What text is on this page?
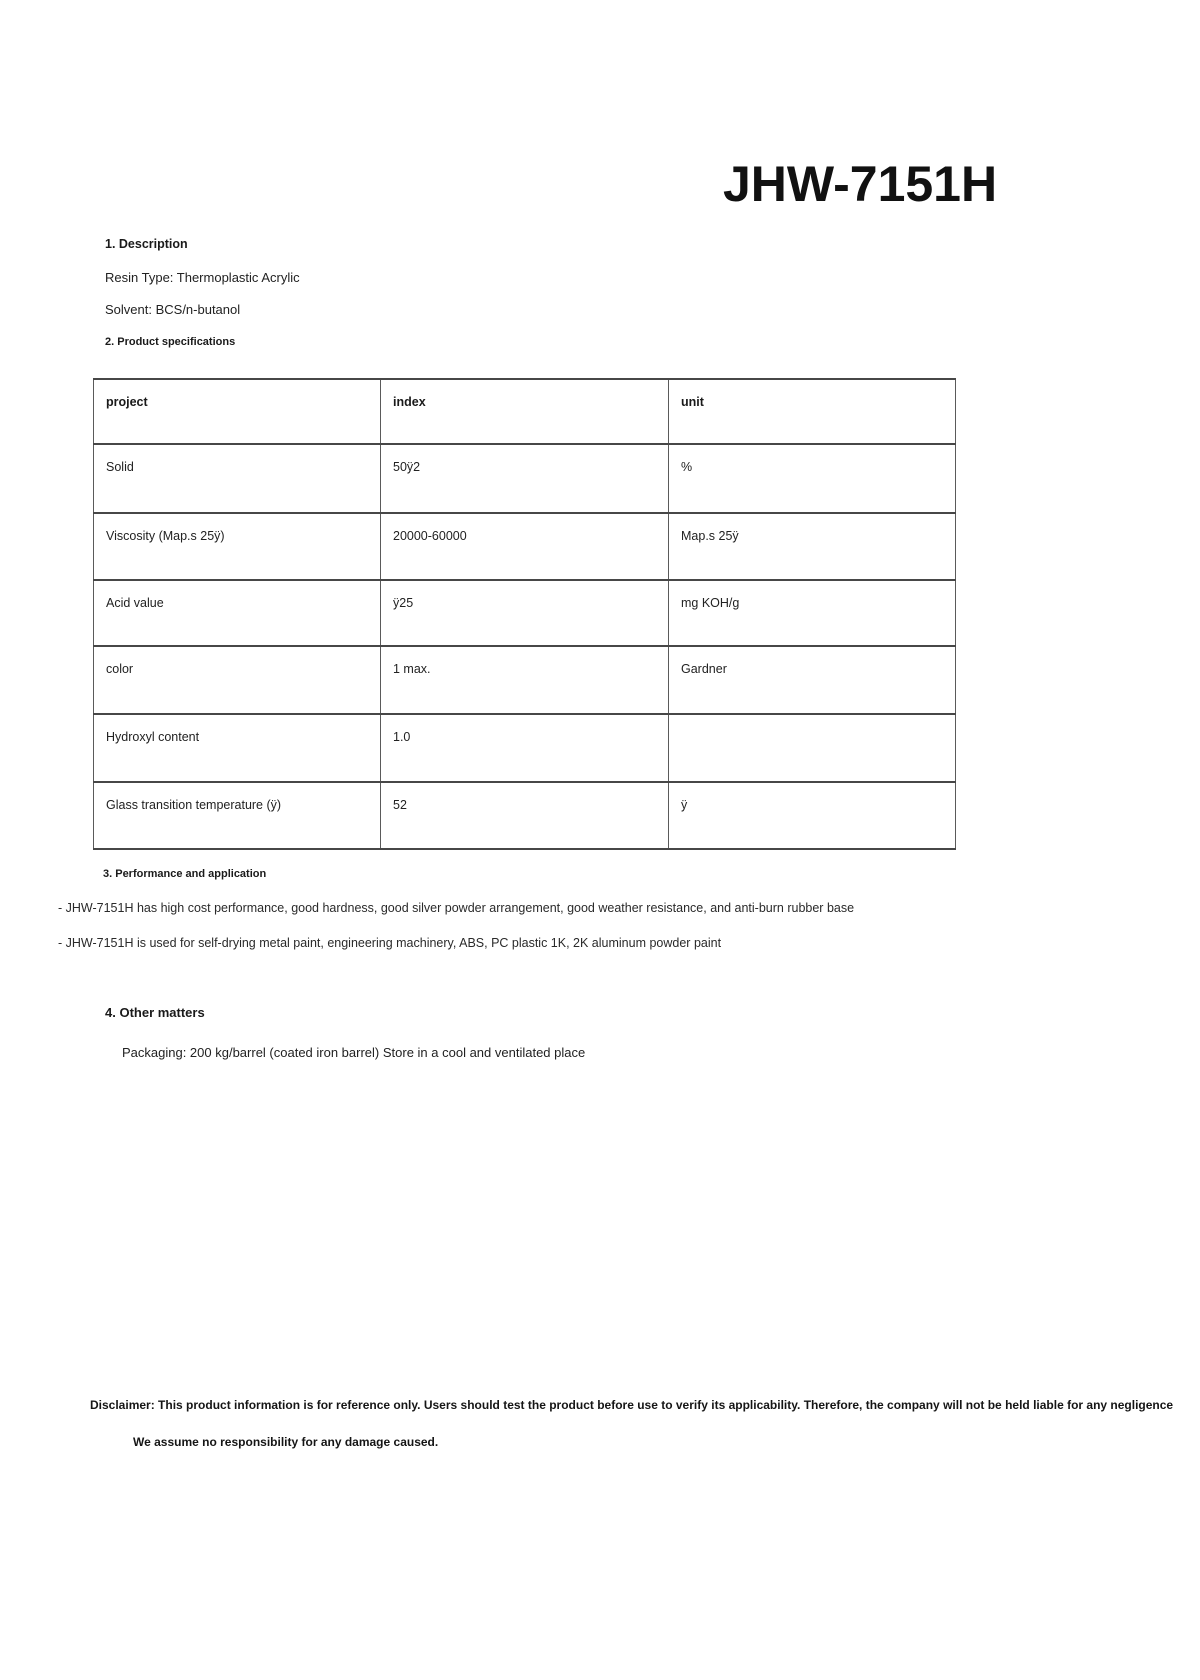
JHW-7151H
1. Description
Resin Type: Thermoplastic Acrylic
Solvent: BCS/n-butanol
2. Product specifications
project	index	unit
Solid	50ÿ2	%
Viscosity (Map.s 25ÿ)	20000-60000	Map.s 25ÿ
Acid value	ÿ25	mg KOH/g
color	1 max.	Gardner
Hydroxyl content	1.0	
Glass transition temperature (ÿ)	52	ÿ
3. Performance and application
- JHW-7151H has high cost performance, good hardness, good silver powder arrangement, good weather resistance, and anti-burn rubber base
- JHW-7151H is used for self-drying metal paint, engineering machinery, ABS, PC plastic 1K, 2K aluminum powder paint
4. Other matters
Packaging: 200 kg/barrel (coated iron barrel) Store in a cool and ventilated place
Disclaimer: This product information is for reference only. Users should test the product before use to verify its applicability. Therefore, the company will not be held liable for any negligence
We assume no responsibility for any damage caused.
